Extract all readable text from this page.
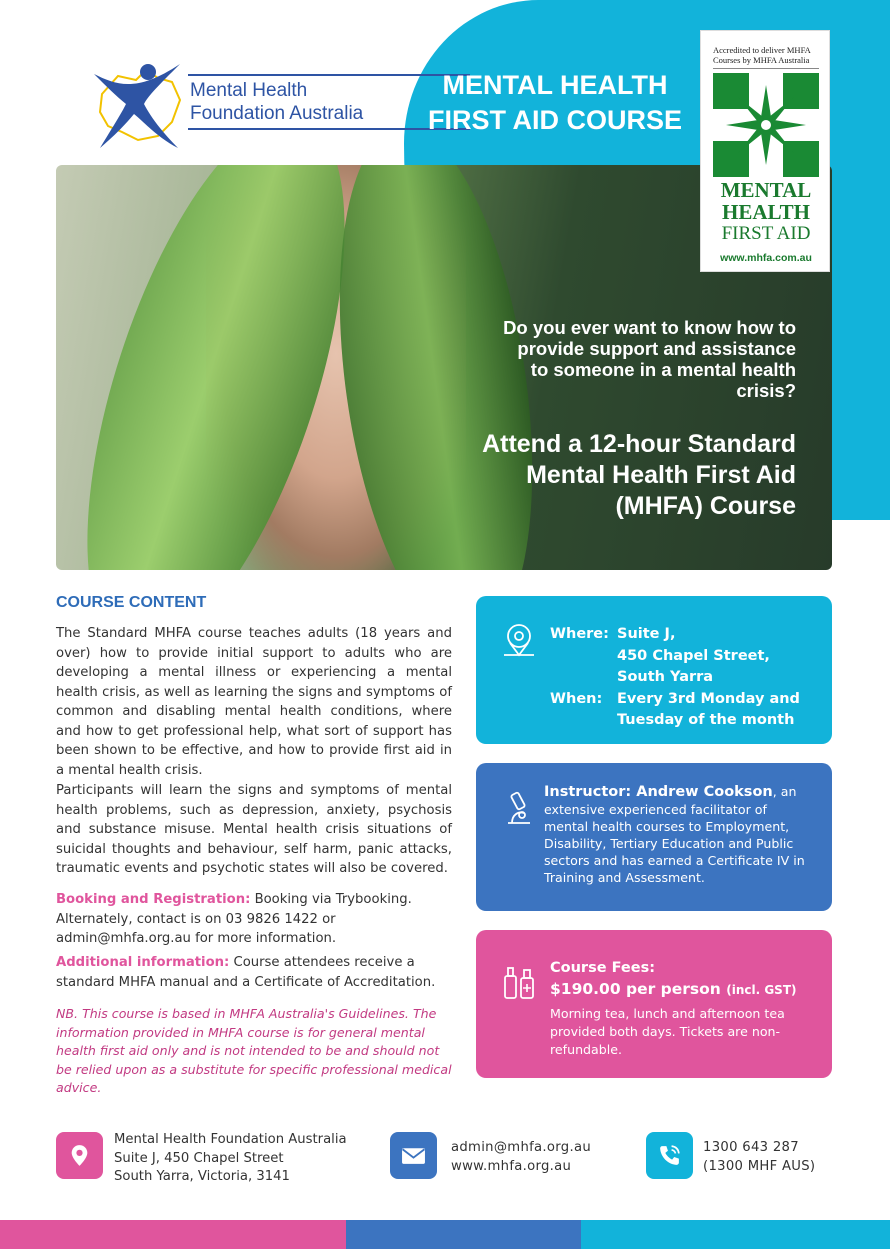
Mental Health
Foundation Australia
MENTAL HEALTH
FIRST AID COURSE
Do you ever want to know how to provide support and assistance to someone in a mental health crisis?
Attend a 12-hour Standard Mental Health First Aid (MHFA) Course
Accredited to deliver MHFA Courses by MHFA Australia
MENTAL HEALTH
FIRST AID
www.mhfa.com.au
COURSE CONTENT
The Standard MHFA course teaches adults (18 years and over) how to provide initial support to adults who are developing a mental illness or experiencing a mental health crisis, as well as learning the signs and symptoms of common and disabling mental health conditions, where and how to get professional help, what sort of support has been shown to be effective, and how to provide first aid in a mental health crisis.
Participants will learn the signs and symptoms of mental health problems, such as depression, anxiety, psychosis and substance misuse. Mental health crisis situations of suicidal thoughts and behaviour, self harm, panic attacks, traumatic events and psychotic states will also be covered.
Booking and Registration: Booking via Trybooking. Alternately, contact is on 03 9826 1422 or admin@mhfa.org.au for more information.
Additional information: Course attendees receive a standard MHFA manual and a Certificate of Accreditation.
NB. This course is based in MHFA Australia's Guidelines. The information provided in MHFA course is for general mental health first aid only and is not intended to be and should not be relied upon as a substitute for specific professional medical advice.
Where: Suite J,
450 Chapel Street,
South Yarra
When:	Every 3rd Monday and
Tuesday of the month
Instructor: Andrew Cookson, an extensive experienced facilitator of mental health courses to Employment, Disability, Tertiary Education and Public sectors and has earned a Certificate IV in Training and Assessment.
Course Fees:
$190.00 per person (incl. GST)
Morning tea, lunch and afternoon tea provided both days. Tickets are non-refundable.
Mental Health Foundation Australia
Suite J, 450 Chapel Street
South Yarra, Victoria, 3141
admin@mhfa.org.au
www.mhfa.org.au
1300 643 287
(1300 MHF AUS)
